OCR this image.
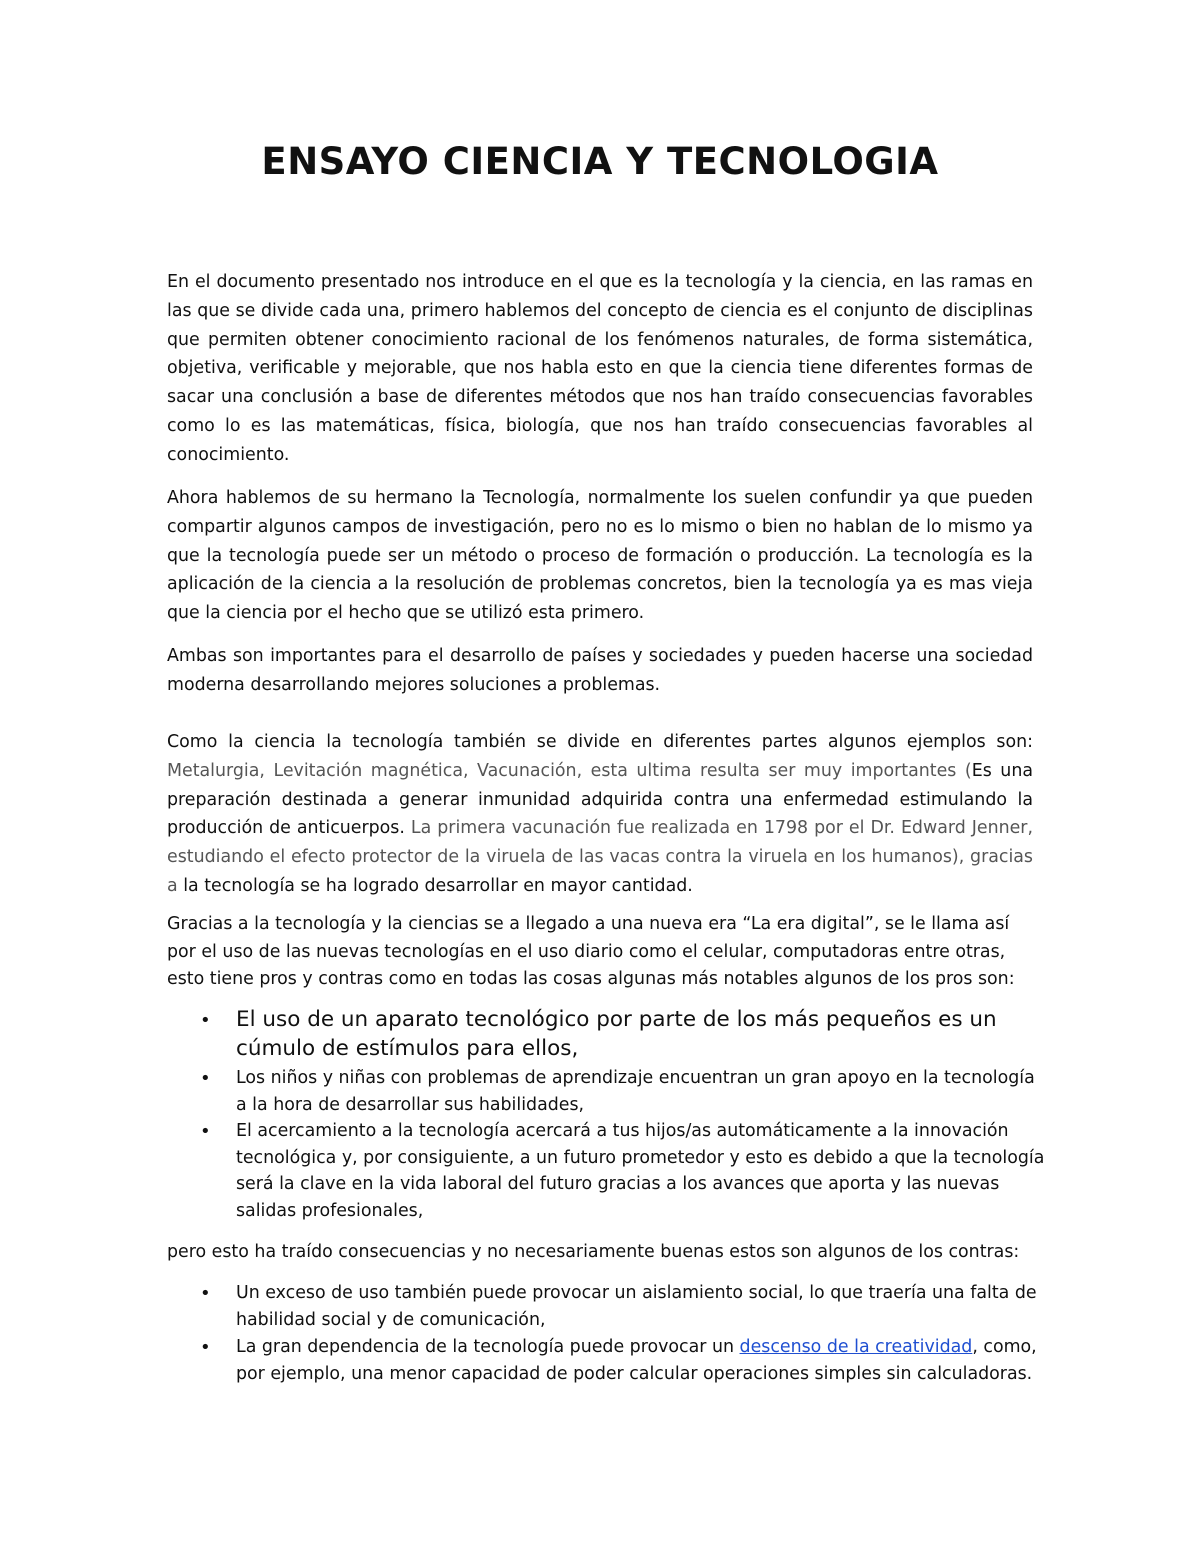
ENSAYO CIENCIA Y TECNOLOGIA

En el documento presentado nos introduce en el que es la tecnología y la ciencia, en las ramas en las que se divide cada una, primero hablemos del concepto de ciencia es el conjunto de disciplinas que permiten obtener conocimiento racional de los fenómenos naturales, de forma sistemática, objetiva, verificable y mejorable, que nos habla esto en que la ciencia tiene diferentes formas de sacar una conclusión a base de diferentes métodos que nos han traído consecuencias favorables como lo es las matemáticas, física, biología, que nos han traído consecuencias favorables al conocimiento.

Ahora hablemos de su hermano la Tecnología, normalmente los suelen confundir ya que pueden compartir algunos campos de investigación, pero no es lo mismo o bien no hablan de lo mismo ya que la tecnología puede ser un método o proceso de formación o producción. La tecnología es la aplicación de la ciencia a la resolución de problemas concretos, bien la tecnología ya es mas vieja que la ciencia por el hecho que se utilizó esta primero.

Ambas son importantes para el desarrollo de países y sociedades y pueden hacerse una sociedad moderna desarrollando mejores soluciones a problemas.

Como la ciencia la tecnología también se divide en diferentes partes algunos ejemplos son: Metalurgia, Levitación magnética, Vacunación, esta ultima resulta ser muy importantes (Es una preparación destinada a generar inmunidad adquirida contra una enfermedad estimulando la producción de anticuerpos. La primera vacunación fue realizada en 1798 por el Dr. Edward Jenner, estudiando el efecto protector de la viruela de las vacas contra la viruela en los humanos), gracias a la tecnología se ha logrado desarrollar en mayor cantidad.

Gracias a la tecnología y la ciencias se a llegado a una nueva era “La era digital”, se le llama así por el uso de las nuevas tecnologías en el uso diario como el celular, computadoras entre otras, esto tiene pros y contras como en todas las cosas algunas más notables algunos de los pros son:

• El uso de un aparato tecnológico por parte de los más pequeños es un cúmulo de estímulos para ellos,
• Los niños y niñas con problemas de aprendizaje encuentran un gran apoyo en la tecnología a la hora de desarrollar sus habilidades,
• El acercamiento a la tecnología acercará a tus hijos/as automáticamente a la innovación tecnológica y, por consiguiente, a un futuro prometedor y esto es debido a que la tecnología será la clave en la vida laboral del futuro gracias a los avances que aporta y las nuevas salidas profesionales,

pero esto ha traído consecuencias y no necesariamente buenas estos son algunos de los contras:

• Un exceso de uso también puede provocar un aislamiento social, lo que traería una falta de habilidad social y de comunicación,
• La gran dependencia de la tecnología puede provocar un descenso de la creatividad, como, por ejemplo, una menor capacidad de poder calcular operaciones simples sin calculadoras.
